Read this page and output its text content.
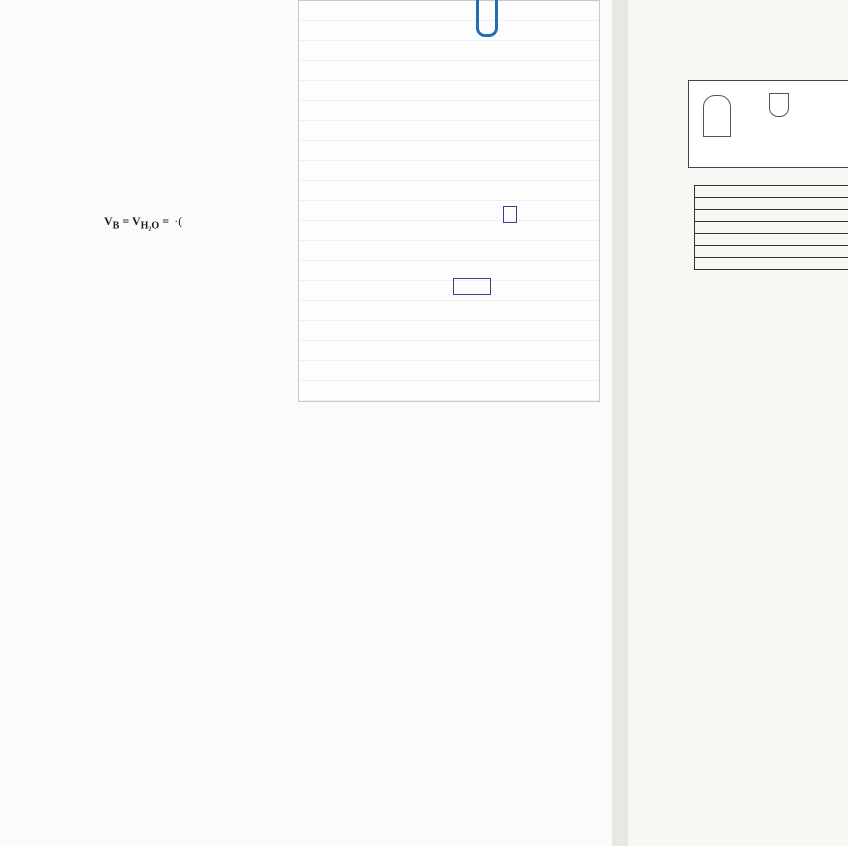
$V_B = V_{H_2O}$ = ·(
